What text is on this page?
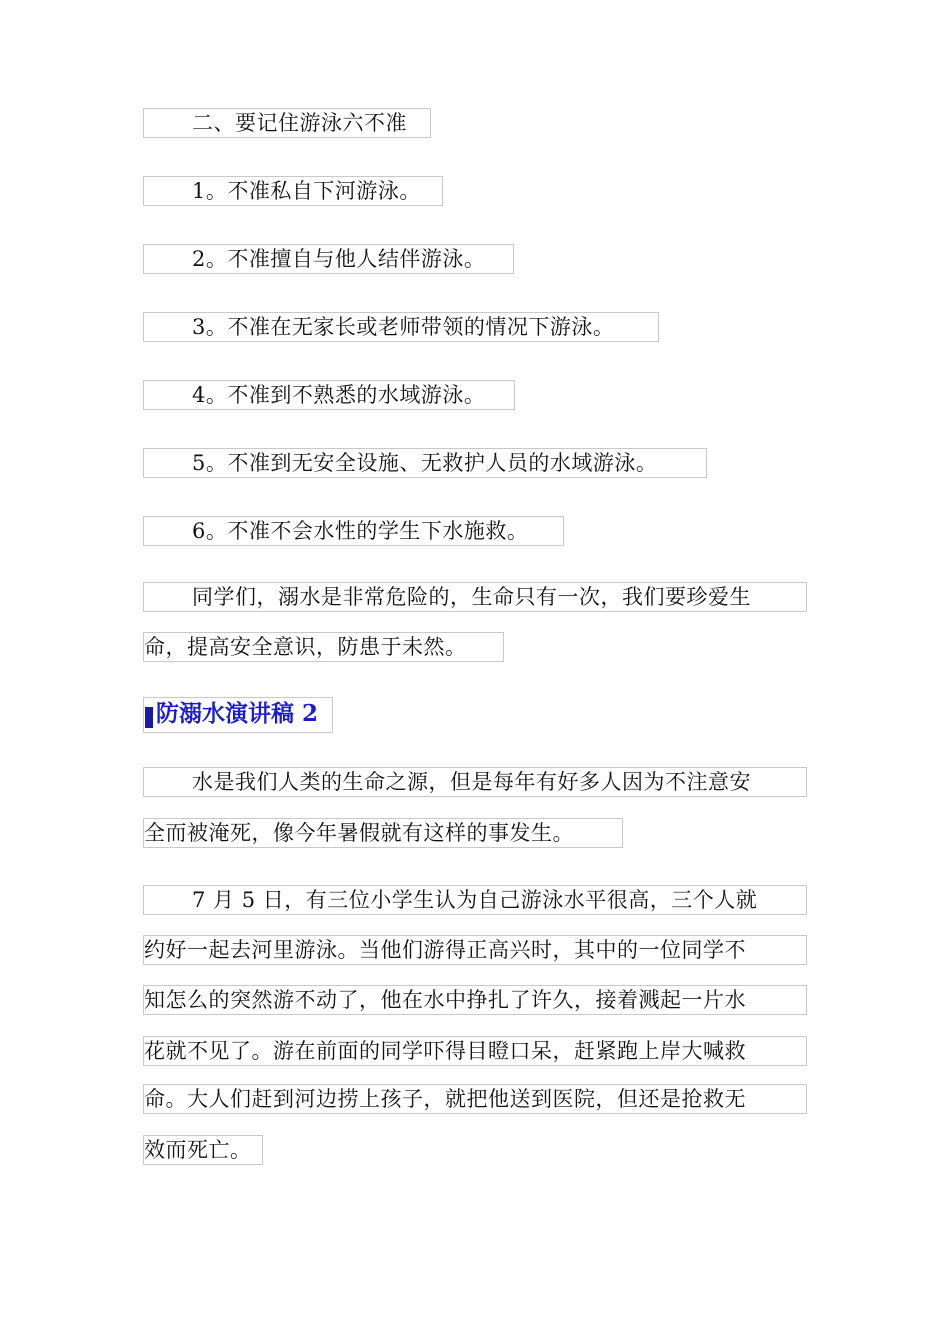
二、要记住游泳六不准
1。不准私自下河游泳。
2。不准擅自与他人结伴游泳。
3。不准在无家长或老师带领的情况下游泳。
4。不准到不熟悉的水域游泳。
5。不准到无安全设施、无救护人员的水域游泳。
6。不准不会水性的学生下水施救。
同学们，溺水是非常危险的，生命只有一次，我们要珍爱生
命，提高安全意识，防患于未然。
防溺水演讲稿 2
水是我们人类的生命之源，但是每年有好多人因为不注意安
全而被淹死，像今年暑假就有这样的事发生。
7 月 5 日，有三位小学生认为自己游泳水平很高，三个人就
约好一起去河里游泳。当他们游得正高兴时，其中的一位同学不
知怎么的突然游不动了，他在水中挣扎了许久，接着溅起一片水
花就不见了。游在前面的同学吓得目瞪口呆，赶紧跑上岸大喊救
命。大人们赶到河边捞上孩子，就把他送到医院，但还是抢救无
效而死亡。
